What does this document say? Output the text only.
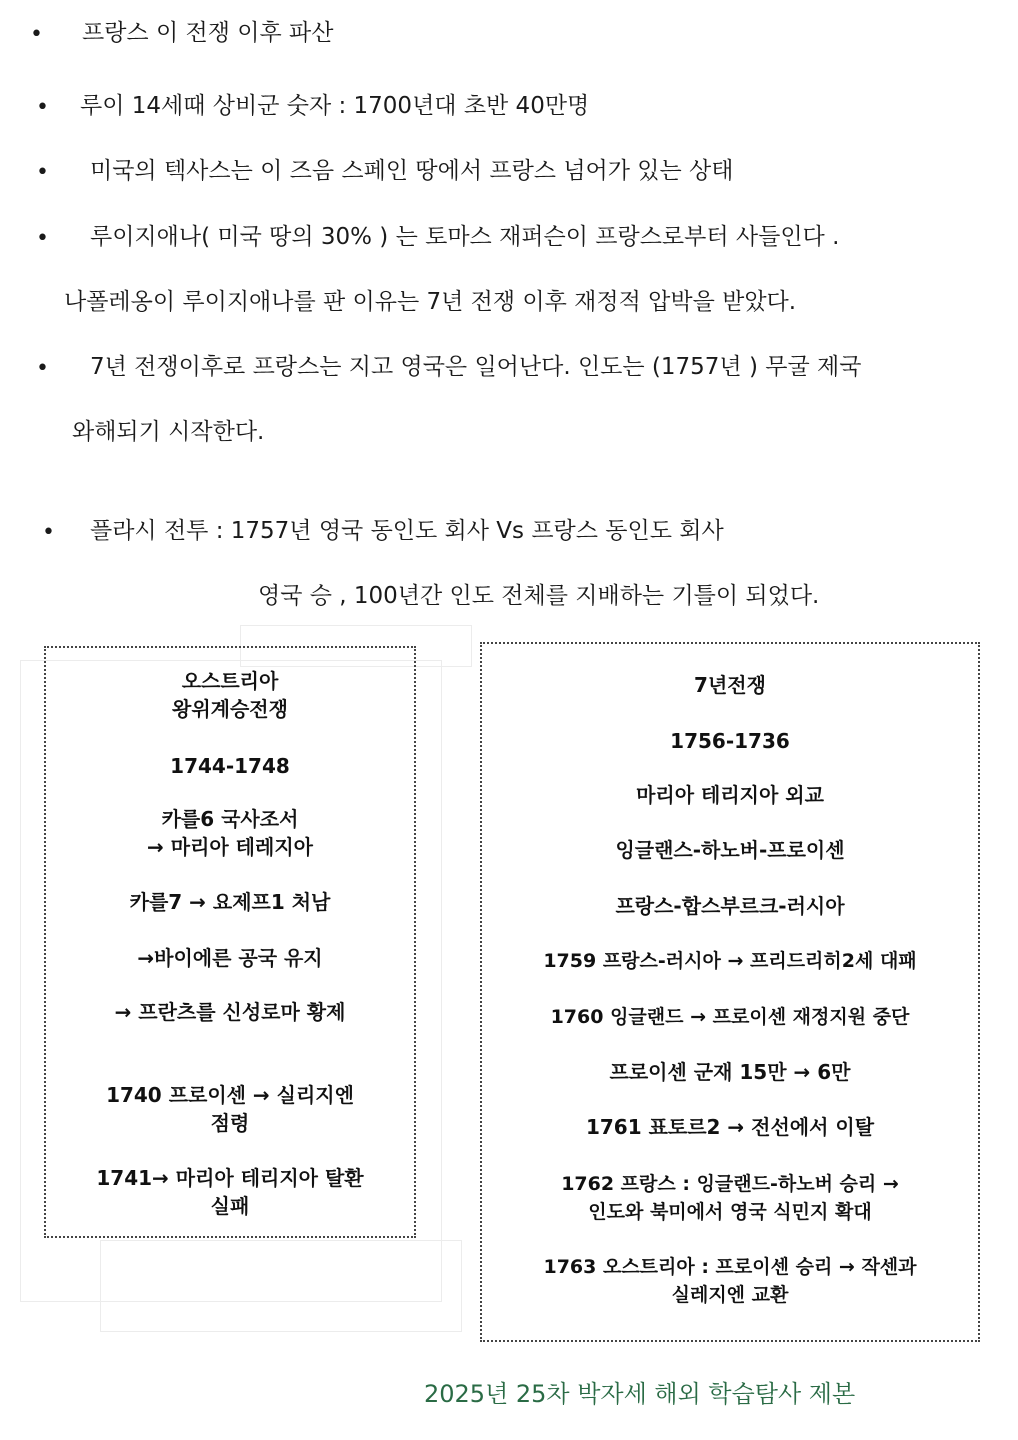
•
•
•
•
•
•
프랑스 이 전쟁 이후 파산
루이 14세때 상비군 숫자 : 1700년대 초반 40만명
미국의 텍사스는 이 즈음 스페인 땅에서 프랑스 넘어가 있는 상태
루이지애나( 미국 땅의 30% ) 는 토마스 재퍼슨이 프랑스로부터 사들인다 .
나폴레옹이 루이지애나를 판 이유는 7년 전쟁 이후 재정적 압박을 받았다.
7년 전쟁이후로 프랑스는 지고 영국은 일어난다. 인도는 (1757년 ) 무굴 제국
와해되기 시작한다.
플라시 전투 : 1757년 영국 동인도 회사 Vs 프랑스 동인도 회사
영국 승 , 100년간 인도 전체를 지배하는 기틀이 되었다.
오스트리아
왕위계승전쟁
1744-1748
카를6 국사조서
→ 마리아 테레지아
카를7 → 요제프1 처남
→바이에른 공국 유지
→ 프란츠를 신성로마 황제
1740 프로이센 → 실리지엔
점령
1741→ 마리아 테리지아 탈환
실패
7년전쟁
1756-1736
마리아 테리지아 외교
잉글랜스-하노버-프로이센
프랑스-합스부르크-러시아
1759 프랑스-러시아 → 프리드리히2세 대패
1760 잉글랜드 → 프로이센 재정지원 중단
프로이센 군재 15만 → 6만
1761 표토르2 → 전선에서 이탈
1762 프랑스 : 잉글랜드-하노버 승리 →
인도와 북미에서 영국 식민지 확대
1763 오스트리아 : 프로이센 승리 → 작센과
실레지엔 교환
2025년 25차 박자세 해외 학습탐사 제본
